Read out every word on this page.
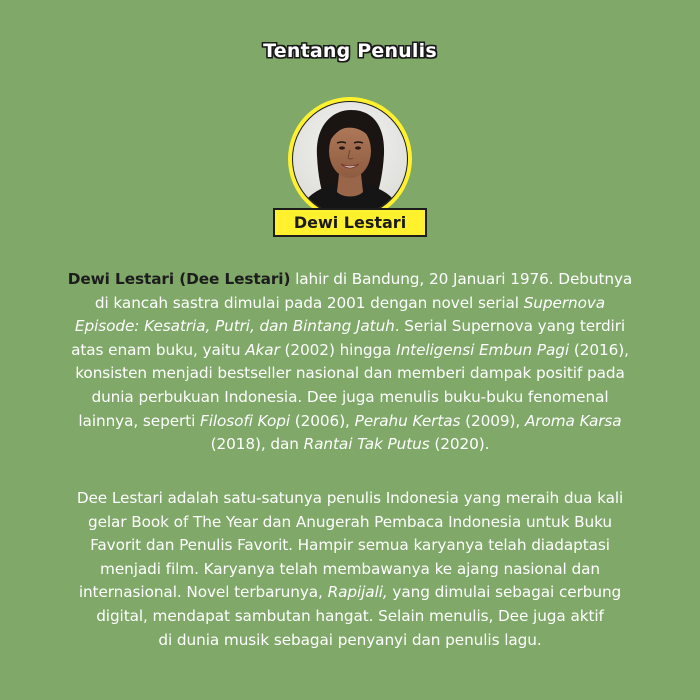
Tentang Penulis
Dewi Lestari

Dewi Lestari (Dee Lestari) lahir di Bandung, 20 Januari 1976. Debutnya
di kancah sastra dimulai pada 2001 dengan novel serial Supernova
Episode: Kesatria, Putri, dan Bintang Jatuh. Serial Supernova yang terdiri
atas enam buku, yaitu Akar (2002) hingga Inteligensi Embun Pagi (2016),
konsisten menjadi bestseller nasional dan memberi dampak positif pada
dunia perbukuan Indonesia. Dee juga menulis buku-buku fenomenal
lainnya, seperti Filosofi Kopi (2006), Perahu Kertas (2009), Aroma Karsa
(2018), dan Rantai Tak Putus (2020).

Dee Lestari adalah satu-satunya penulis Indonesia yang meraih dua kali
gelar Book of The Year dan Anugerah Pembaca Indonesia untuk Buku
Favorit dan Penulis Favorit. Hampir semua karyanya telah diadaptasi
menjadi film. Karyanya telah membawanya ke ajang nasional dan
internasional. Novel terbarunya, Rapijali, yang dimulai sebagai cerbung
digital, mendapat sambutan hangat. Selain menulis, Dee juga aktif
di dunia musik sebagai penyanyi dan penulis lagu.
